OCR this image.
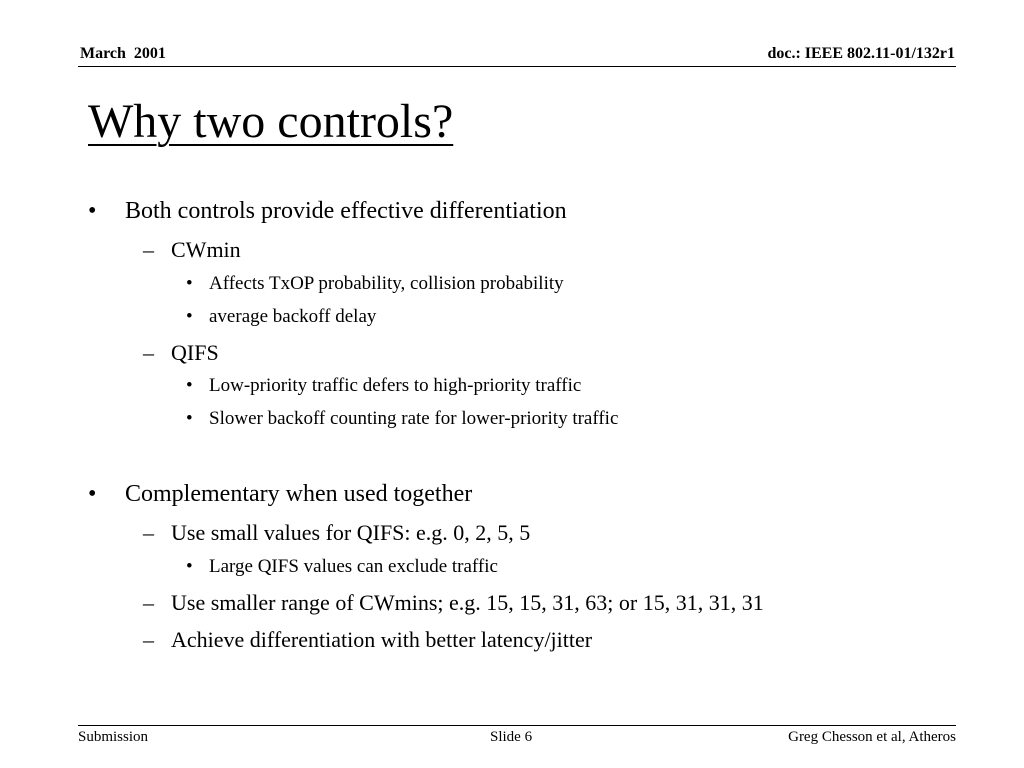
March  2001	doc.: IEEE 802.11-01/132r1
Why two controls?
• Both controls provide effective differentiation
– CWmin
• Affects TxOP probability, collision probability
• average backoff delay
– QIFS
• Low-priority traffic defers to high-priority traffic
• Slower backoff counting rate for lower-priority traffic
• Complementary when used together
– Use small values for QIFS: e.g. 0, 2, 5, 5
• Large QIFS values can exclude traffic
– Use smaller range of CWmins; e.g. 15, 15, 31, 63; or 15, 31, 31, 31
– Achieve differentiation with better latency/jitter
Submission	Slide 6	Greg Chesson et al, Atheros
